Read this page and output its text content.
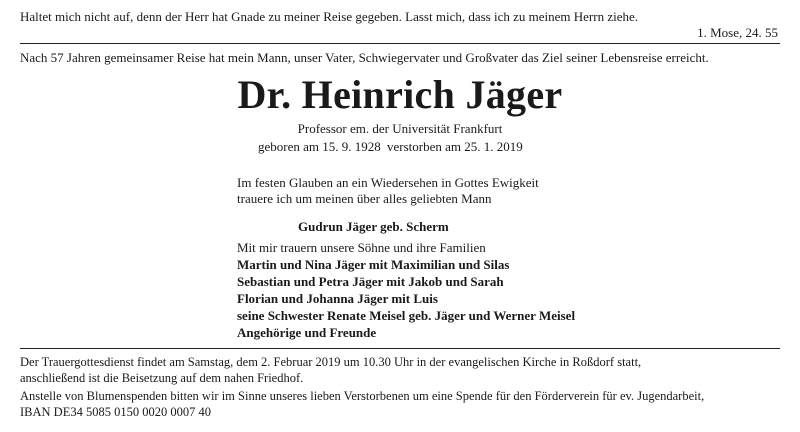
Haltet mich nicht auf, denn der Herr hat Gnade zu meiner Reise gegeben. Lasst mich, dass ich zu meinem Herrn ziehe.
1. Mose, 24. 55
Nach 57 Jahren gemeinsamer Reise hat mein Mann, unser Vater, Schwiegervater und Großvater das Ziel seiner Lebensreise erreicht.
Dr. Heinrich Jäger
Professor em. der Universität Frankfurt
geboren am 15. 9. 1928 verstorben am 25. 1. 2019
Im festen Glauben an ein Wiedersehen in Gottes Ewigkeit
trauere ich um meinen über alles geliebten Mann
Gudrun Jäger geb. Scherm
Mit mir trauern unsere Söhne und ihre Familien
Martin und Nina Jäger mit Maximilian und Silas
Sebastian und Petra Jäger mit Jakob und Sarah
Florian und Johanna Jäger mit Luis
seine Schwester Renate Meisel geb. Jäger und Werner Meisel
Angehörige und Freunde
Der Trauergottesdienst findet am Samstag, dem 2. Februar 2019 um 10.30 Uhr in der evangelischen Kirche in Roßdorf statt,
anschließend ist die Beisetzung auf dem nahen Friedhof.
Anstelle von Blumenspenden bitten wir im Sinne unseres lieben Verstorbenen um eine Spende für den Förderverein für ev. Jugendarbeit,
IBAN DE34 5085 0150 0020 0007 40
